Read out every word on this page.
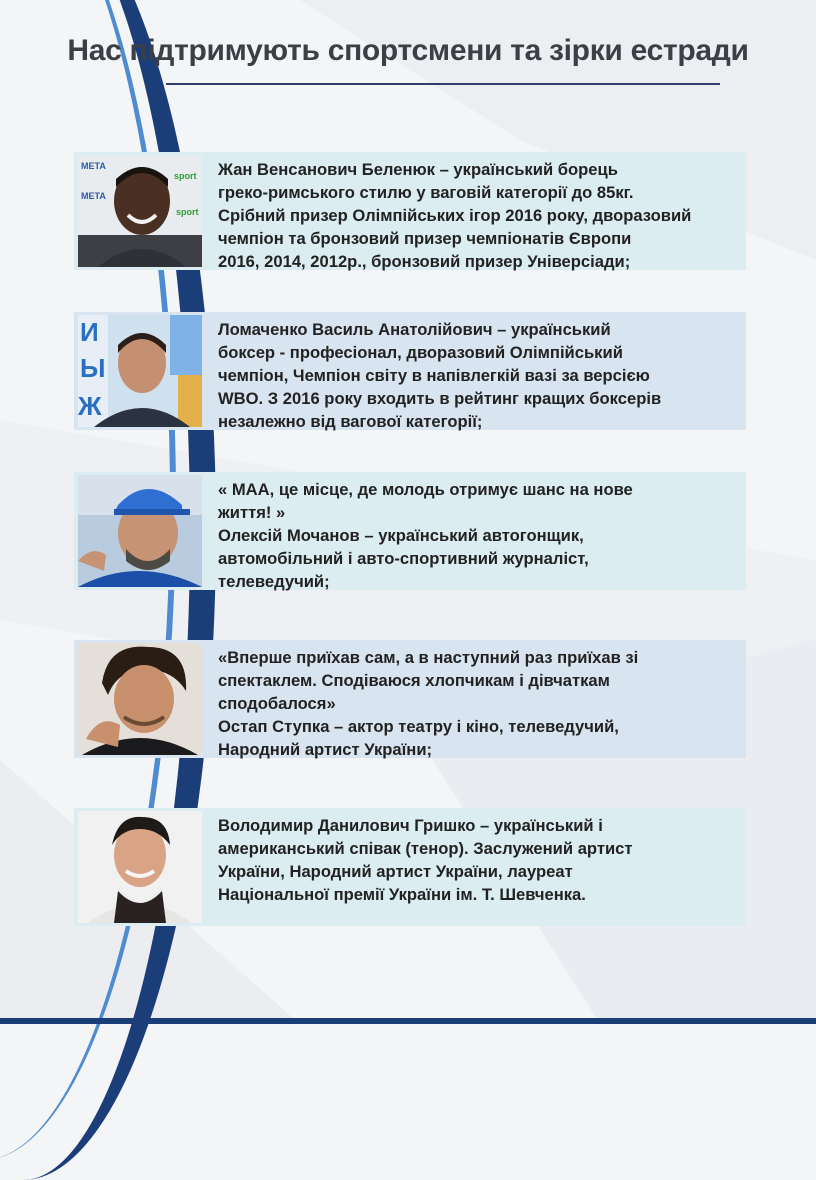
Нас підтримують спортсмени та зірки естради
МЕТА
МЕТА
sport
sport
Жан Венсанович Беленюк – український борець
греко-римського стилю у ваговій категорії до 85кг.
Срібний призер Олімпійських ігор 2016 року, дворазовий
чемпіон та бронзовий призер чемпіонатів Європи
2016, 2014, 2012р., бронзовий призер Універсіади;
И
Ы
Ж
Ломаченко Василь Анатолійович – український
боксер - професіонал, дворазовий Олімпійський
чемпіон, Чемпіон світу в напівлегкій вазі за версією
WBO. З 2016 року входить в рейтинг кращих боксерів
незалежно від вагової категорії;
« МАА, це місце, де молодь отримує шанс на нове
життя! »
Олексій Мочанов – український автогонщик,
автомобільний і авто-спортивний журналіст,
телеведучий;
«Вперше приїхав сам, а в наступний раз приїхав зі
спектаклем. Сподіваюся хлопчикам і дівчаткам
сподобалося»
Остап Ступка – актор театру і кіно, телеведучий,
Народний артист України;
Володимир Данилович Гришко – український і
американський співак (тенор). Заслужений артист
України, Народний артист України, лауреат
Національної премії України ім. Т. Шевченка.
